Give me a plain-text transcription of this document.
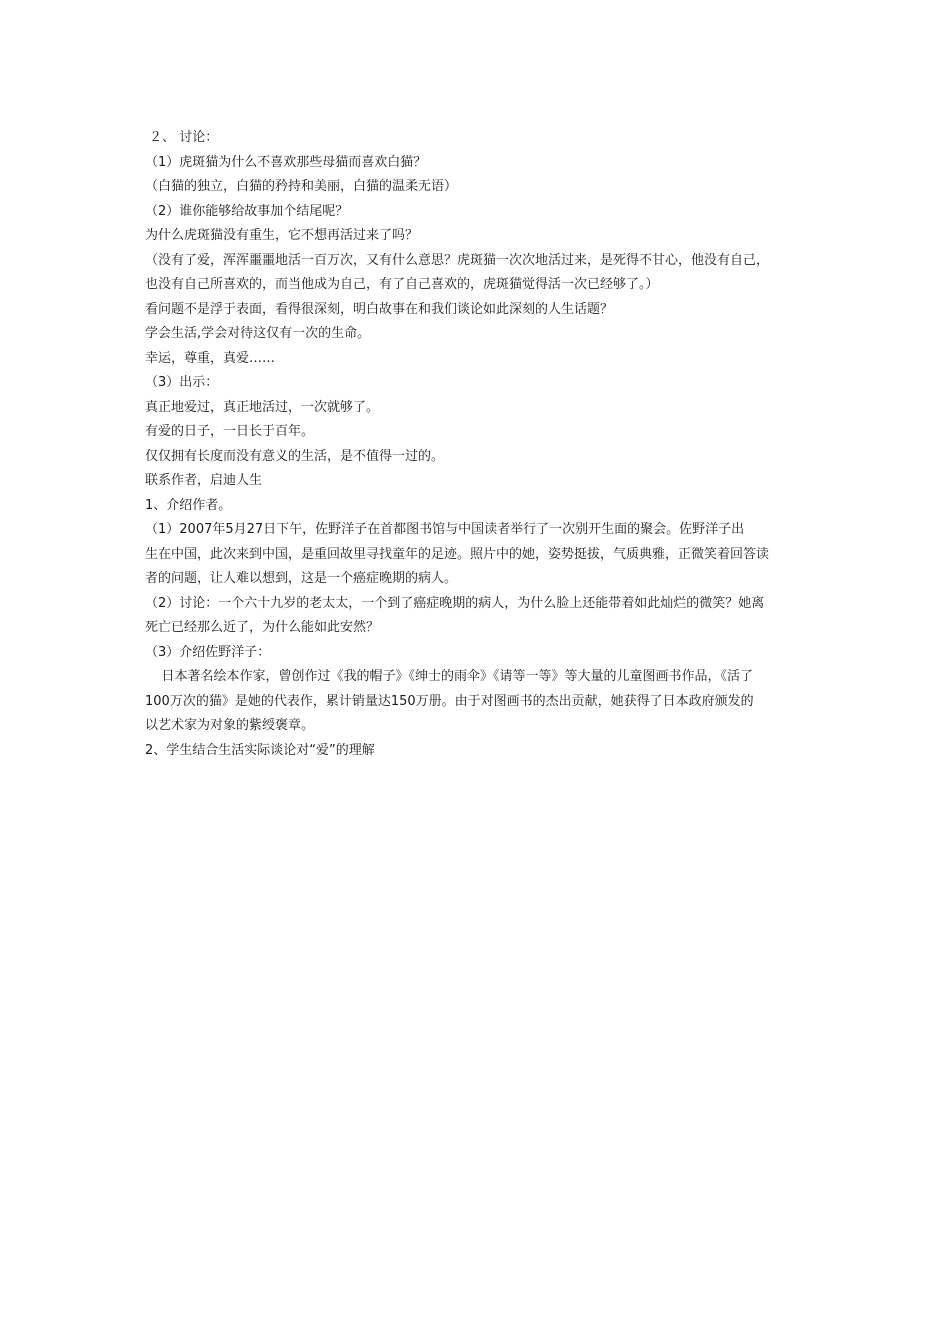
２、 讨论：

（1）虎斑猫为什么不喜欢那些母猫而喜欢白猫？

（白猫的独立，白猫的矜持和美丽，白猫的温柔无语）

（2）谁你能够给故事加个结尾呢？

为什么虎斑猫没有重生，它不想再活过来了吗？

（没有了爱，浑浑噩噩地活一百万次，又有什么意思？虎斑猫一次次地活过来，是死得不甘心，他没有自己，

也没有自己所喜欢的，而当他成为自己，有了自己喜欢的，虎斑猫觉得活一次已经够了。）

看问题不是浮于表面，看得很深刻，明白故事在和我们谈论如此深刻的人生话题？

学会生活,学会对待这仅有一次的生命。

幸运，尊重，真爱……

（3）出示：

真正地爱过，真正地活过，一次就够了。

有爱的日子，一日长于百年。

仅仅拥有长度而没有意义的生活，是不值得一过的。

联系作者，启迪人生

1、介绍作者。

（1）2007年5月27日下午，佐野洋子在首都图书馆与中国读者举行了一次别开生面的聚会。佐野洋子出

生在中国，此次来到中国，是重回故里寻找童年的足迹。照片中的她，姿势挺拔，气质典雅，正微笑着回答读

者的问题，让人难以想到，这是一个癌症晚期的病人。

（2）讨论：一个六十九岁的老太太，一个到了癌症晚期的病人，为什么脸上还能带着如此灿烂的微笑？她离

死亡已经那么近了，为什么能如此安然？

（3）介绍佐野洋子：

日本著名绘本作家，曾创作过《我的帽子》《绅士的雨伞》《请等一等》等大量的儿童图画书作品，《活了

100万次的猫》是她的代表作，累计销量达150万册。由于对图画书的杰出贡献，她获得了日本政府颁发的

以艺术家为对象的紫绶褒章。

2、学生结合生活实际谈论对“爱”的理解
